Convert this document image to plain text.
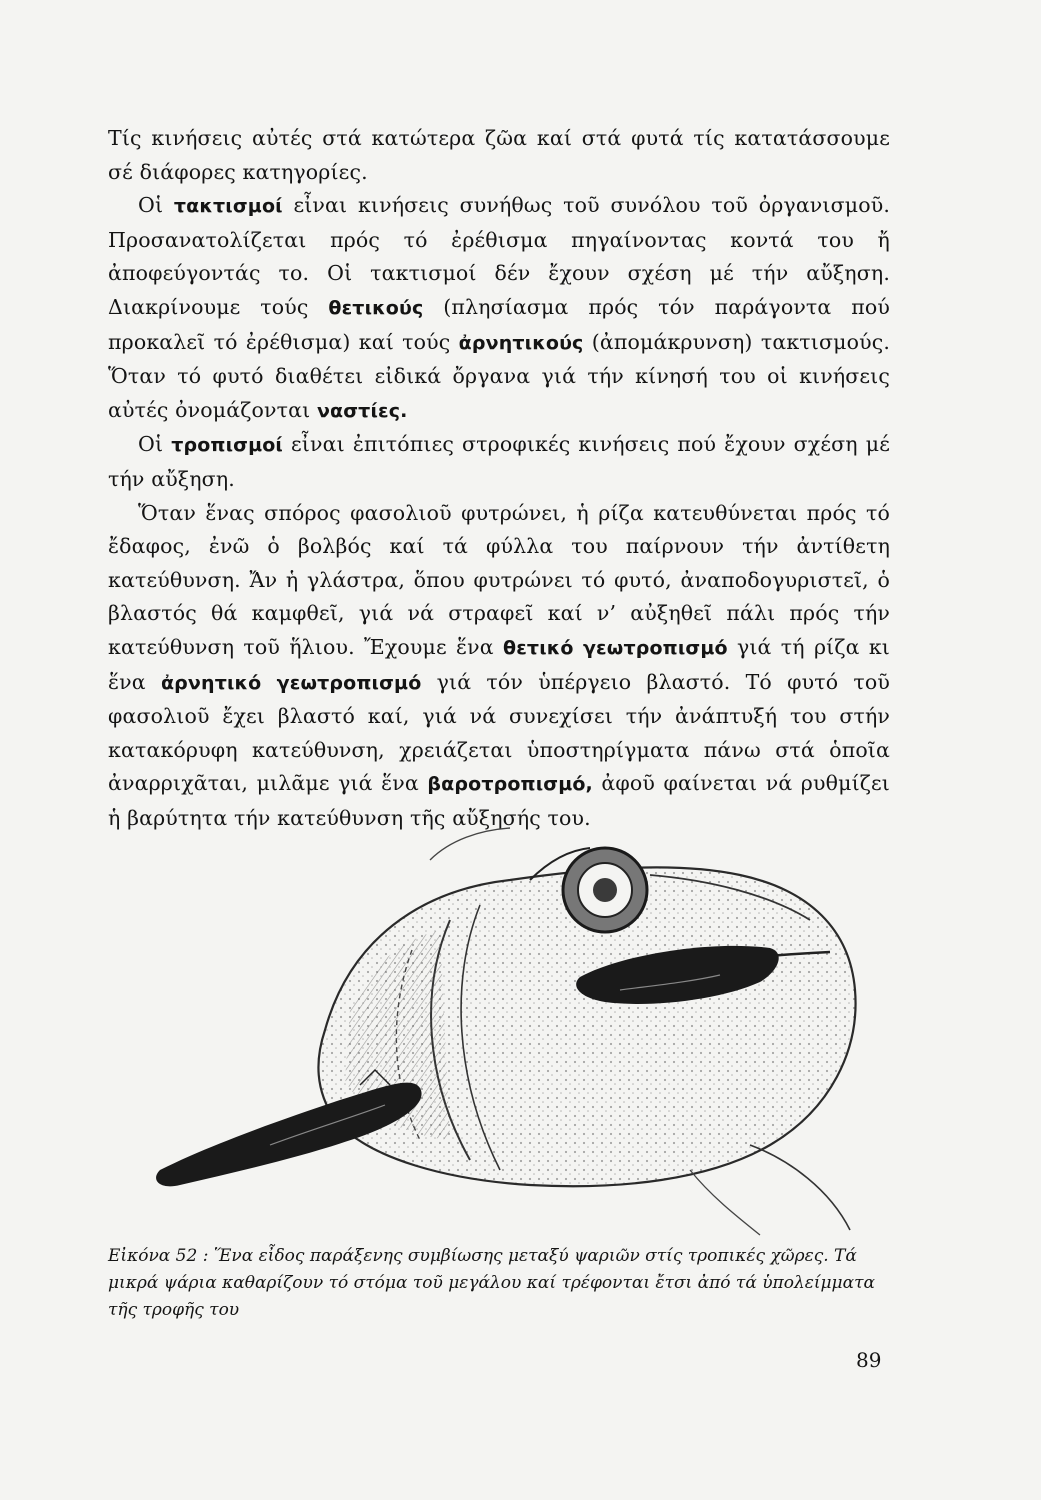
Τίς κινήσεις αὐτές στά κατώτερα ζῶα καί στά φυτά τίς κατατάσσουμε σέ διάφορες κατηγορίες.

Οἱ τακτισμοί εἶναι κινήσεις συνήθως τοῦ συνόλου τοῦ ὀργανισμοῦ. Προσανατολίζεται πρός τό ἐρέθισμα πηγαίνοντας κοντά του ἤ ἀποφεύγοντάς το. Οἱ τακτισμοί δέν ἔχουν σχέση μέ τήν αὔξηση. Διακρίνουμε τούς θετικούς (πλησίασμα πρός τόν παράγοντα πού προκαλεῖ τό ἐρέθισμα) καί τούς ἀρνητικούς (ἀπομάκρυνση) τακτισμούς. Ὅταν τό φυτό διαθέτει εἰδικά ὄργανα γιά τήν κίνησή του οἱ κινήσεις αὐτές ὀνομάζονται ναστίες.

Οἱ τροπισμοί εἶναι ἐπιτόπιες στροφικές κινήσεις πού ἔχουν σχέση μέ τήν αὔξηση.

Ὅταν ἕνας σπόρος φασολιοῦ φυτρώνει, ἡ ρίζα κατευθύνεται πρός τό ἔδαφος, ἐνῶ ὁ βολβός καί τά φύλλα του παίρνουν τήν ἀντίθετη κατεύθυνση. Ἄν ἡ γλάστρα, ὅπου φυτρώνει τό φυτό, ἀναποδογυριστεῖ, ὁ βλαστός θά καμφθεῖ, γιά νά στραφεῖ καί ν’ αὐξηθεῖ πάλι πρός τήν κατεύθυνση τοῦ ἥλιου. Ἔχουμε ἕνα θετικό γεωτροπισμό γιά τή ρίζα κι ἕνα ἀρνητικό γεωτροπισμό γιά τόν ὑπέργειο βλαστό. Τό φυτό τοῦ φασολιοῦ ἔχει βλαστό καί, γιά νά συνεχίσει τήν ἀνάπτυξή του στήν κατακόρυφη κατεύθυνση, χρειάζεται ὑποστηρίγματα πάνω στά ὁποῖα ἀναρριχᾶται, μιλᾶμε γιά ἕνα βαροτροπισμό, ἀφοῦ φαίνεται νά ρυθμίζει ἡ βαρύτητα τήν κατεύθυνση τῆς αὔξησής του.

Εἰκόνα 52 : Ἕνα εἶδος παράξενης συμβίωσης μεταξύ ψαριῶν στίς τροπικές χῶρες. Τά μικρά ψάρια καθαρίζουν τό στόμα τοῦ μεγάλου καί τρέφονται ἔτσι ἀπό τά ὑπολείμματα τῆς τροφῆς του
89
